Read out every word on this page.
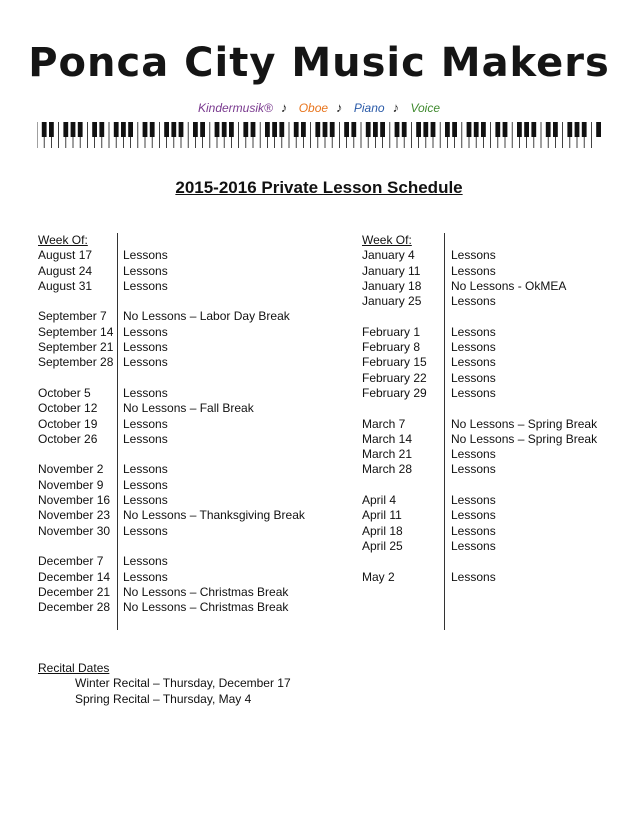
Ponca City Music Makers
Kindermusik® ♪ Oboe ♪ Piano ♪ Voice
2015-2016 Private Lesson Schedule
Week Of:
August 17	Lessons
August 24	Lessons
August 31	Lessons
September 7 No Lessons – Labor Day Break
September 14 Lessons
September 21 Lessons
September 28 Lessons
October 5	Lessons
October 12 No Lessons – Fall Break
October 19 Lessons
October 26 Lessons
November 2 Lessons
November 9 Lessons
November 16 Lessons
November 23 No Lessons – Thanksgiving Break
November 30 Lessons
December 7 Lessons
December 14 Lessons
December 21 No Lessons – Christmas Break
December 28 No Lessons – Christmas Break
Week Of:
January 4	Lessons
January 11	Lessons
January 18 No Lessons - OkMEA
January 25 Lessons
February 1	Lessons
February 8	Lessons
February 15 Lessons
February 22 Lessons
February 29 Lessons
March 7	No Lessons – Spring Break
March 14	No Lessons – Spring Break
March 21	Lessons
March 28	Lessons
April 4	Lessons
April 11	Lessons
April 18	Lessons
April 25	Lessons
May 2	Lessons
Recital Dates
Winter Recital – Thursday, December 17
Spring Recital – Thursday, May 4
